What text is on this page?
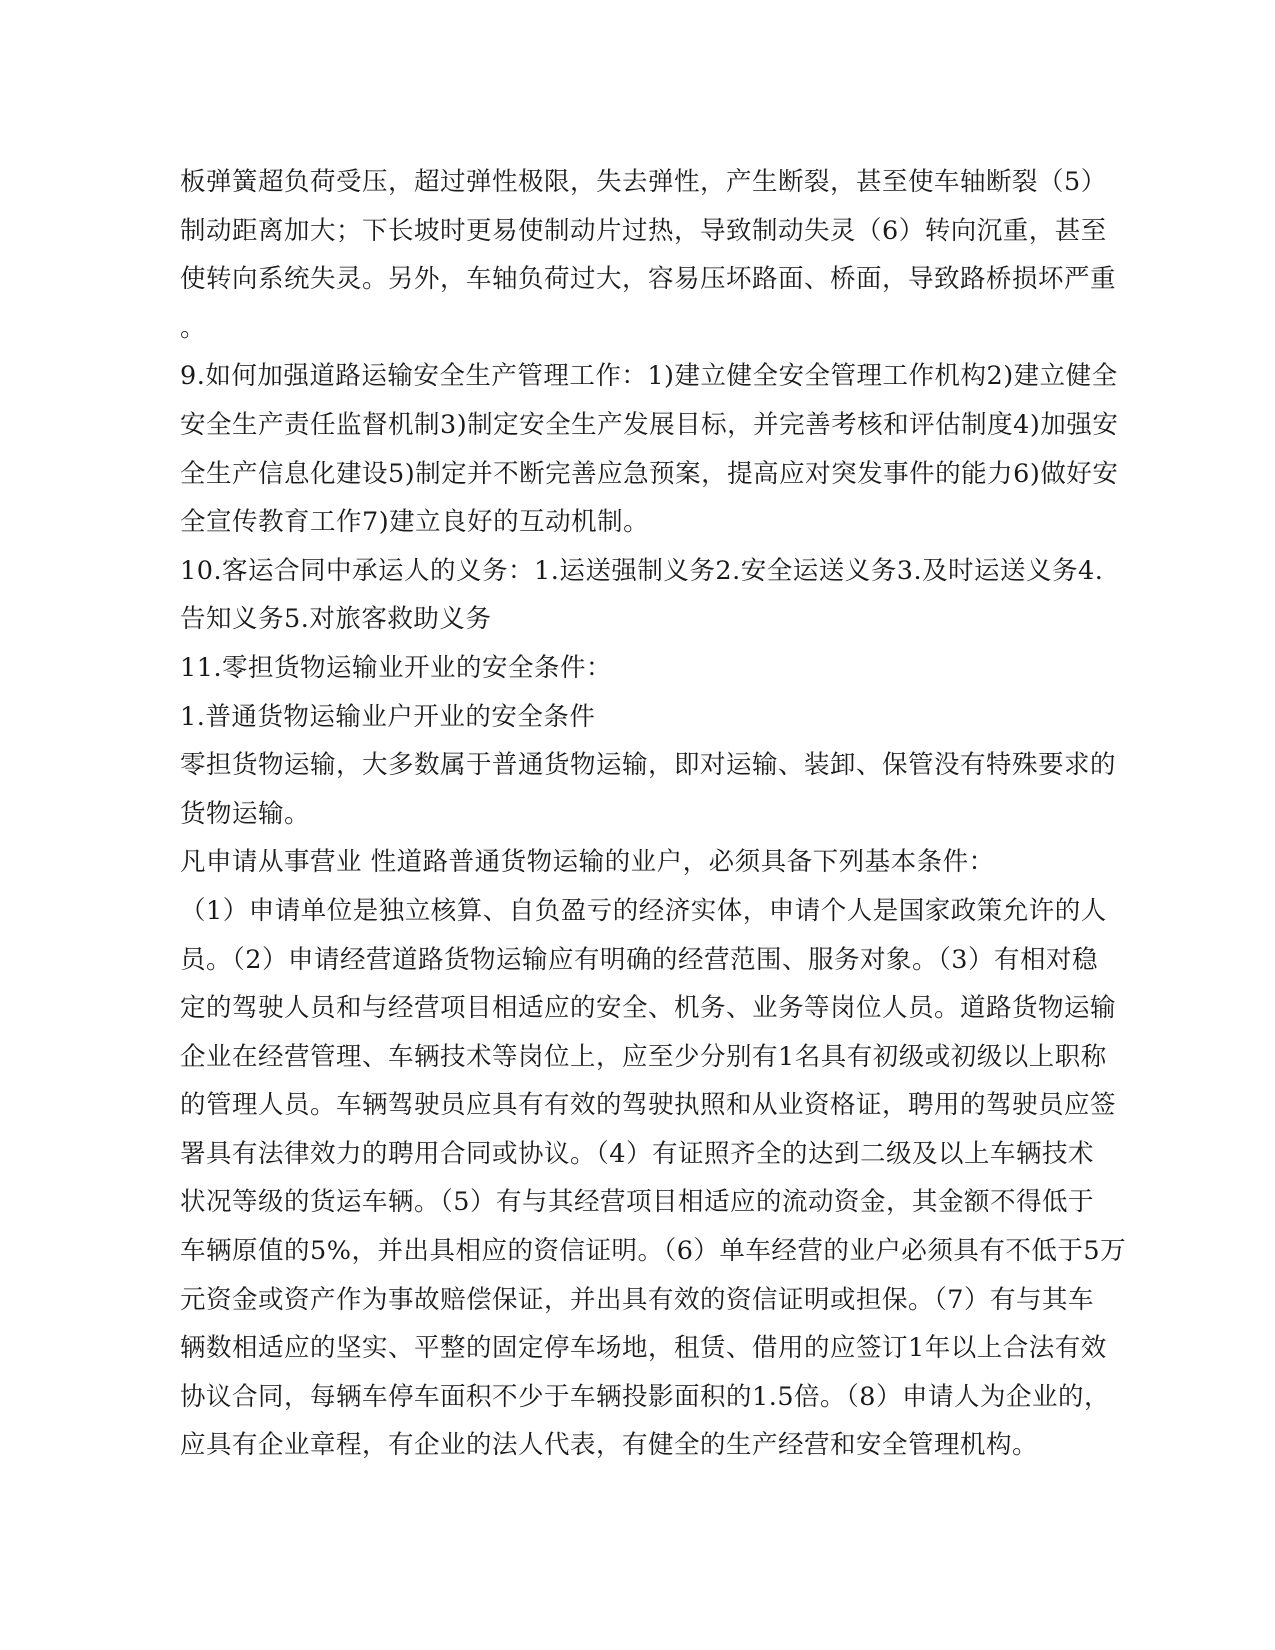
板弹簧超负荷受压，超过弹性极限，失去弹性，产生断裂，甚至使车轴断裂（5）
制动距离加大；下长坡时更易使制动片过热，导致制动失灵（6）转向沉重，甚至
使转向系统失灵。另外，车轴负荷过大，容易压坏路面、桥面，导致路桥损坏严重
。
9.如何加强道路运输安全生产管理工作：1)建立健全安全管理工作机构2)建立健全
安全生产责任监督机制3)制定安全生产发展目标，并完善考核和评估制度4)加强安
全生产信息化建设5)制定并不断完善应急预案，提高应对突发事件的能力6)做好安
全宣传教育工作7)建立良好的互动机制。
10.客运合同中承运人的义务：1.运送强制义务2.安全运送义务3.及时运送义务4.
告知义务5.对旅客救助义务
11.零担货物运输业开业的安全条件：
1.普通货物运输业户开业的安全条件
零担货物运输，大多数属于普通货物运输，即对运输、装卸、保管没有特殊要求的
货物运输。
凡申请从事营业 性道路普通货物运输的业户，必须具备下列基本条件：
（1）申请单位是独立核算、自负盈亏的经济实体，申请个人是国家政策允许的人
员。（2）申请经营道路货物运输应有明确的经营范围、服务对象。（3）有相对稳
定的驾驶人员和与经营项目相适应的安全、机务、业务等岗位人员。道路货物运输
企业在经营管理、车辆技术等岗位上，应至少分别有1名具有初级或初级以上职称
的管理人员。车辆驾驶员应具有有效的驾驶执照和从业资格证，聘用的驾驶员应签
署具有法律效力的聘用合同或协议。（4）有证照齐全的达到二级及以上车辆技术
状况等级的货运车辆。（5）有与其经营项目相适应的流动资金，其金额不得低于
车辆原值的5%，并出具相应的资信证明。（6）单车经营的业户必须具有不低于5万
元资金或资产作为事故赔偿保证，并出具有效的资信证明或担保。（7）有与其车
辆数相适应的坚实、平整的固定停车场地，租赁、借用的应签订1年以上合法有效
协议合同，每辆车停车面积不少于车辆投影面积的1.5倍。（8）申请人为企业的，
应具有企业章程，有企业的法人代表，有健全的生产经营和安全管理机构。
